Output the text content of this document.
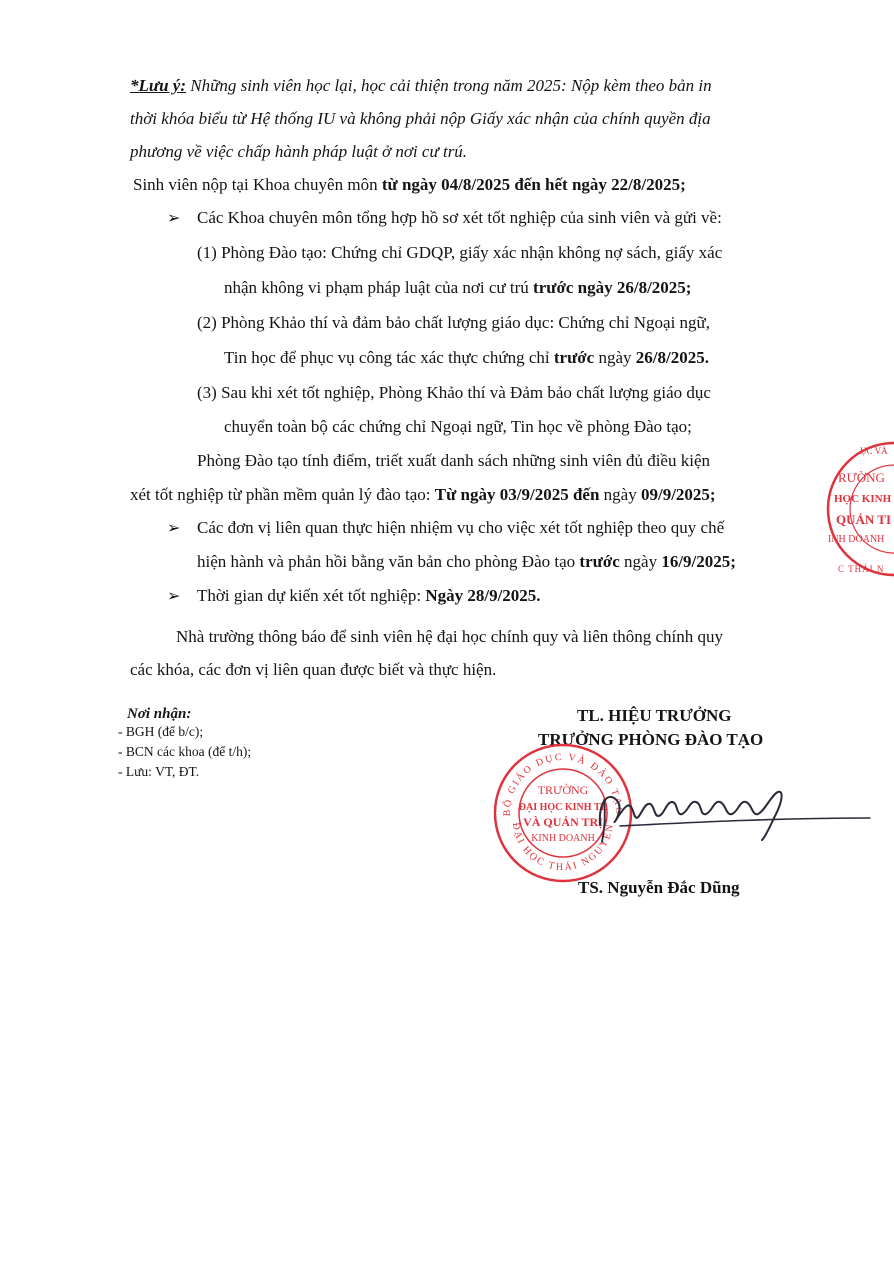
*Lưu ý: Những sinh viên học lại, học cải thiện trong năm 2025: Nộp kèm theo bản in
thời khóa biểu từ Hệ thống IU và không phải nộp Giấy xác nhận của chính quyền địa
phương về việc chấp hành pháp luật ở nơi cư trú.
Sinh viên nộp tại Khoa chuyên môn từ ngày 04/8/2025 đến hết ngày 22/8/2025;
➢ Các Khoa chuyên môn tổng hợp hồ sơ xét tốt nghiệp của sinh viên và gửi về:
(1) Phòng Đào tạo: Chứng chỉ GDQP, giấy xác nhận không nợ sách, giấy xác
nhận không vi phạm pháp luật của nơi cư trú trước ngày 26/8/2025;
(2) Phòng Khảo thí và đảm bảo chất lượng giáo dục: Chứng chỉ Ngoại ngữ,
Tin học để phục vụ công tác xác thực chứng chỉ trước ngày 26/8/2025.
(3) Sau khi xét tốt nghiệp, Phòng Khảo thí và Đảm bảo chất lượng giáo dục
chuyển toàn bộ các chứng chỉ Ngoại ngữ, Tin học về phòng Đào tạo;
Phòng Đào tạo tính điểm, triết xuất danh sách những sinh viên đủ điều kiện
xét tốt nghiệp từ phần mềm quản lý đào tạo: Từ ngày 03/9/2025 đến ngày 09/9/2025;
➢ Các đơn vị liên quan thực hiện nhiệm vụ cho việc xét tốt nghiệp theo quy chế
hiện hành và phản hồi bằng văn bản cho phòng Đào tạo trước ngày 16/9/2025;
➢ Thời gian dự kiến xét tốt nghiệp: Ngày 28/9/2025.
Nhà trường thông báo để sinh viên hệ đại học chính quy và liên thông chính quy
các khóa, các đơn vị liên quan được biết và thực hiện.
Nơi nhận:
- BGH (để b/c);
- BCN các khoa (để t/h);
- Lưu: VT, ĐT.
TL. HIỆU TRƯỞNG
TRƯỞNG PHÒNG ĐÀO TẠO
BỘ GIÁO DỤC VÀ ĐÀO TẠO
ĐẠI HỌC THÁI NGUYÊN
TRƯỜNG
ĐẠI HỌC KINH TẾ
VÀ QUẢN TRỊ
KINH DOANH
TS. Nguyễn Đắc Dũng
ỤC VÀ
RƯỜNG
HỌC KINH
QUẢN TI
INH DOANH
C THÁI N
